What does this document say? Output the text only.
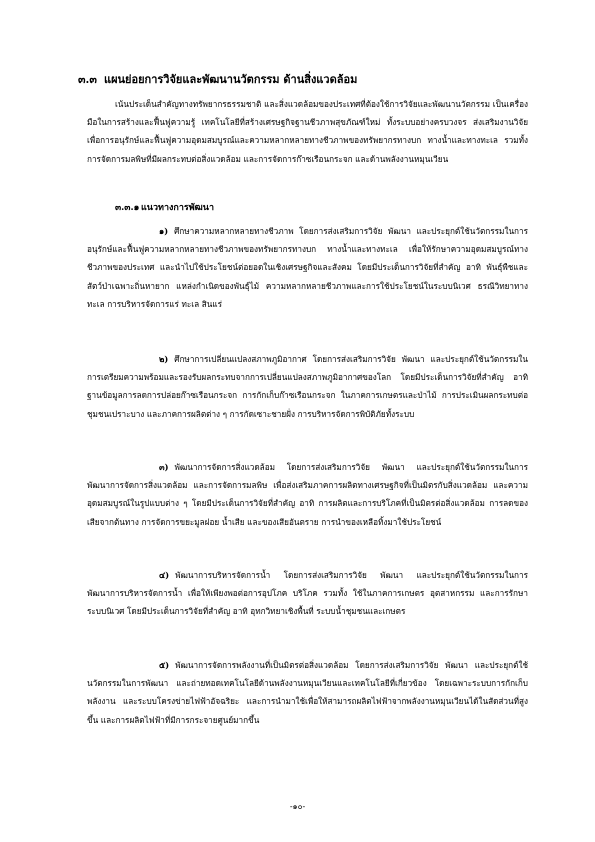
๓.๓ แผนย่อยการวิจัยและพัฒนานวัตกรรม ด้านสิ่งแวดล้อม
เน้นประเด็นสำคัญทางทรัพยากรธรรมชาติ และสิ่งแวดล้อมของประเทศที่ต้องใช้การวิจัยและพัฒนานวัตกรรม เป็นเครื่องมือในการสร้างและฟื้นฟูความรู้ เทคโนโลยีที่สร้างเศรษฐกิจฐานชีวภาพสุขภัณฑ์ใหม่ ทั้งระบบอย่างครบวงจร ส่งเสริมงานวิจัยเพื่อการอนุรักษ์และฟื้นฟูความอุดมสมบูรณ์และความหลากหลายทางชีวภาพของทรัพยากรทางบก ทางน้ำและทางทะเล รวมทั้ง การจัดการมลพิษที่มีผลกระทบต่อสิ่งแวดล้อม และการจัดการก๊าซเรือนกระจก และด้านพลังงานหมุนเวียน
๓.๓.๑ แนวทางการพัฒนา
๑) ศึกษาความหลากหลายทางชีวภาพ โดยการส่งเสริมการวิจัย พัฒนา และประยุกต์ใช้นวัตกรรมในการอนุรักษ์และฟื้นฟูความหลากหลายทางชีวภาพของทรัพยากรทางบก ทางน้ำและทางทะเล เพื่อให้รักษาความอุดมสมบูรณ์ทางชีวภาพของประเทศ และนำไปใช้ประโยชน์ต่อยอดในเชิงเศรษฐกิจและสังคม โดยมีประเด็นการวิจัยที่สำคัญ อาทิ พันธุ์พืชและสัตว์ป่าเฉพาะถิ่นหายาก แหล่งกำเนิดของพันธุ์ไม้ ความหลากหลายชีวภาพและการใช้ประโยชน์ในระบบนิเวศ ธรณีวิทยาทางทะเล การบริหารจัดการแร่ ทะเล สินแร่
๒) ศึกษาการเปลี่ยนแปลงสภาพภูมิอากาศ โดยการส่งเสริมการวิจัย พัฒนา และประยุกต์ใช้นวัตกรรมในการเตรียมความพร้อมและรองรับผลกระทบจากการเปลี่ยนแปลงสภาพภูมิอากาศของโลก โดยมีประเด็นการวิจัยที่สำคัญ อาทิ ฐานข้อมูลการลดการปล่อยก๊าซเรือนกระจก การกักเก็บก๊าซเรือนกระจก ในภาคการเกษตรและป่าไม้ การประเมินผลกระทบต่อชุมชนเปราะบาง และภาคการผลิตต่าง ๆ การกัดเซาะชายฝั่ง การบริหารจัดการพิบัติภัยทั้งระบบ
๓) พัฒนาการจัดการสิ่งแวดล้อม โดยการส่งเสริมการวิจัย พัฒนา และประยุกต์ใช้นวัตกรรมในการพัฒนาการจัดการสิ่งแวดล้อม และการจัดการมลพิษ เพื่อส่งเสริมภาคการผลิตทางเศรษฐกิจที่เป็นมิตรกับสิ่งแวดล้อม และความอุดมสมบูรณ์ในรูปแบบต่าง ๆ โดยมีประเด็นการวิจัยที่สำคัญ อาทิ การผลิตและการบริโภคที่เป็นมิตรต่อสิ่งแวดล้อม การลดของเสียจากต้นทาง การจัดการขยะมูลฝอย น้ำเสีย และของเสียอันตราย การนำของเหลือทิ้งมาใช้ประโยชน์
๔) พัฒนาการบริหารจัดการน้ำ โดยการส่งเสริมการวิจัย พัฒนา และประยุกต์ใช้นวัตกรรมในการพัฒนาการบริหารจัดการน้ำ เพื่อให้เพียงพอต่อการอุปโภค บริโภค รวมทั้ง ใช้ในภาคการเกษตร อุตสาหกรรม และการรักษาระบบนิเวศ โดยมีประเด็นการวิจัยที่สำคัญ อาทิ อุทกวิทยาเชิงพื้นที่ ระบบน้ำชุมชนและเกษตร
๕) พัฒนาการจัดการพลังงานที่เป็นมิตรต่อสิ่งแวดล้อม โดยการส่งเสริมการวิจัย พัฒนา และประยุกต์ใช้นวัตกรรมในการพัฒนา และถ่ายทอดเทคโนโลยีด้านพลังงานหมุนเวียนและเทคโนโลยีที่เกี่ยวข้อง โดยเฉพาะระบบการกักเก็บพลังงาน และระบบโครงข่ายไฟฟ้าอัจฉริยะ และการนำมาใช้เพื่อให้สามารถผลิตไฟฟ้าจากพลังงานหมุนเวียนได้ในสัดส่วนที่สูงขึ้น และการผลิตไฟฟ้าที่มีการกระจายศูนย์มากขึ้น
-๑๐-
